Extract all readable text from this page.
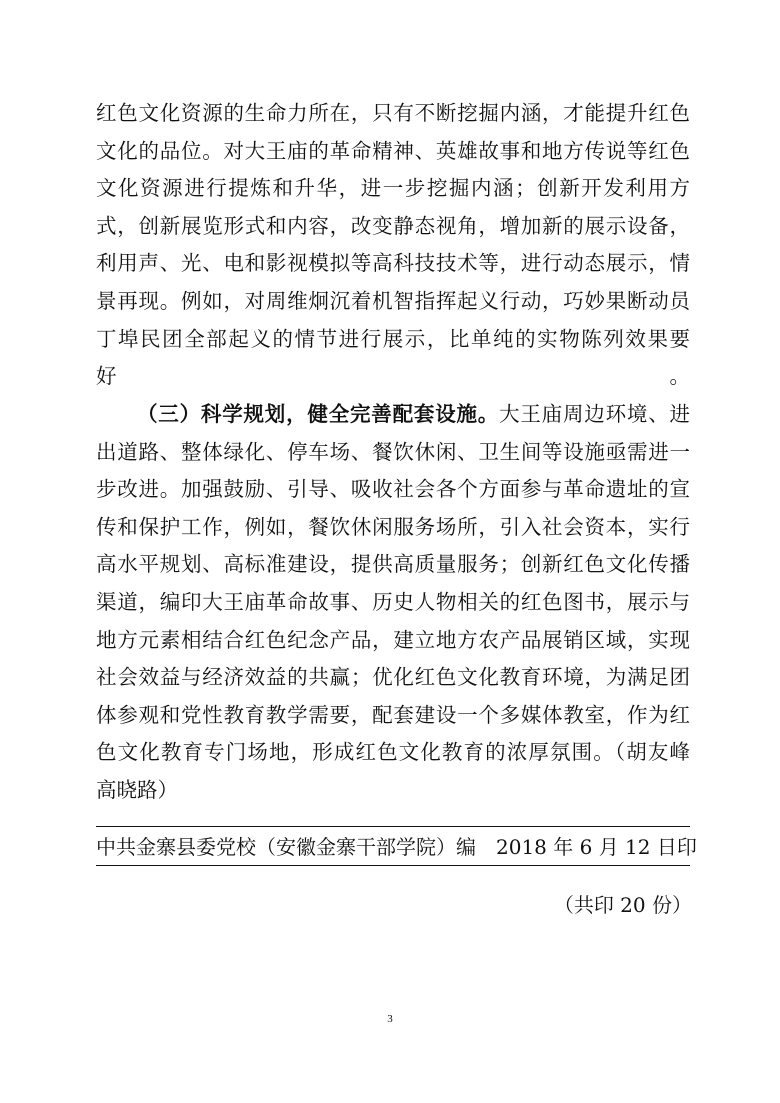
红色文化资源的生命力所在，只有不断挖掘内涵，才能提升红色文化的品位。对大王庙的革命精神、英雄故事和地方传说等红色文化资源进行提炼和升华，进一步挖掘内涵；创新开发利用方式，创新展览形式和内容，改变静态视角，增加新的展示设备，利用声、光、电和影视模拟等高科技技术等，进行动态展示，情景再现。例如，对周维炯沉着机智指挥起义行动，巧妙果断动员丁埠民团全部起义的情节进行展示，比单纯的实物陈列效果要好。

（三）科学规划，健全完善配套设施。大王庙周边环境、进出道路、整体绿化、停车场、餐饮休闲、卫生间等设施亟需进一步改进。加强鼓励、引导、吸收社会各个方面参与革命遗址的宣传和保护工作，例如，餐饮休闲服务场所，引入社会资本，实行高水平规划、高标准建设，提供高质量服务；创新红色文化传播渠道，编印大王庙革命故事、历史人物相关的红色图书，展示与地方元素相结合红色纪念产品，建立地方农产品展销区域，实现社会效益与经济效益的共赢；优化红色文化教育环境，为满足团体参观和党性教育教学需要，配套建设一个多媒体教室，作为红色文化教育专门场地，形成红色文化教育的浓厚氛围。（胡友峰　高晓路）

中共金寨县委党校（安徽金寨干部学院）编　2018 年 6 月 12 日印
（共印 20 份）
3
